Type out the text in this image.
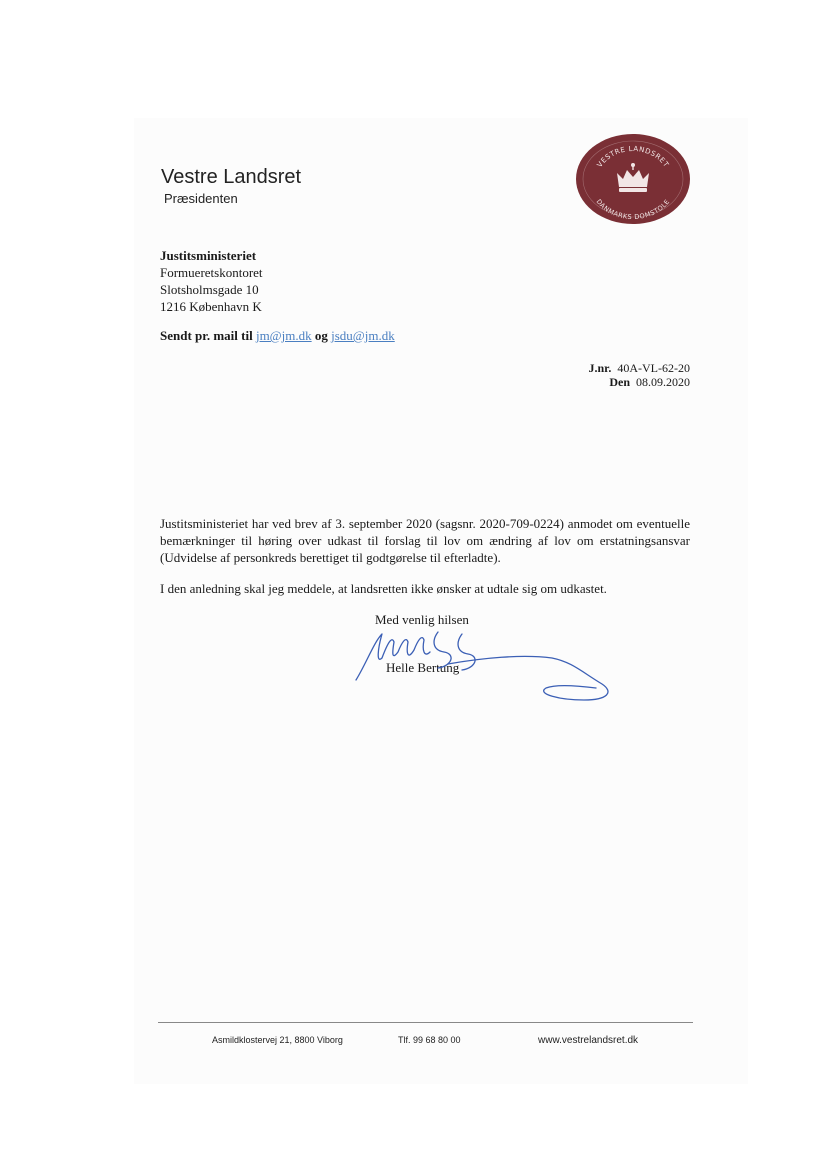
Vestre Landsret
Præsidenten
VESTRE LANDSRET
DANMARKS DOMSTOLE
Justitsministeriet
Formueretskontoret
Slotsholmsgade 10
1216 København K
Sendt pr. mail til jm@jm.dk og jsdu@jm.dk
J.nr. 40A-VL-62-20
Den 08.09.2020
Justitsministeriet har ved brev af 3. september 2020 (sagsnr. 2020-709-0224) anmodet om eventuelle bemærkninger til høring over udkast til forslag til lov om ændring af lov om erstatningsansvar (Udvidelse af personkreds berettiget til godtgørelse til efterladte).
I den anledning skal jeg meddele, at landsretten ikke ønsker at udtale sig om udkastet.
Med venlig hilsen
Helle Bertung
Asmildklostervej 21, 8800 Viborg	Tlf. 99 68 80 00	www.vestrelandsret.dk
